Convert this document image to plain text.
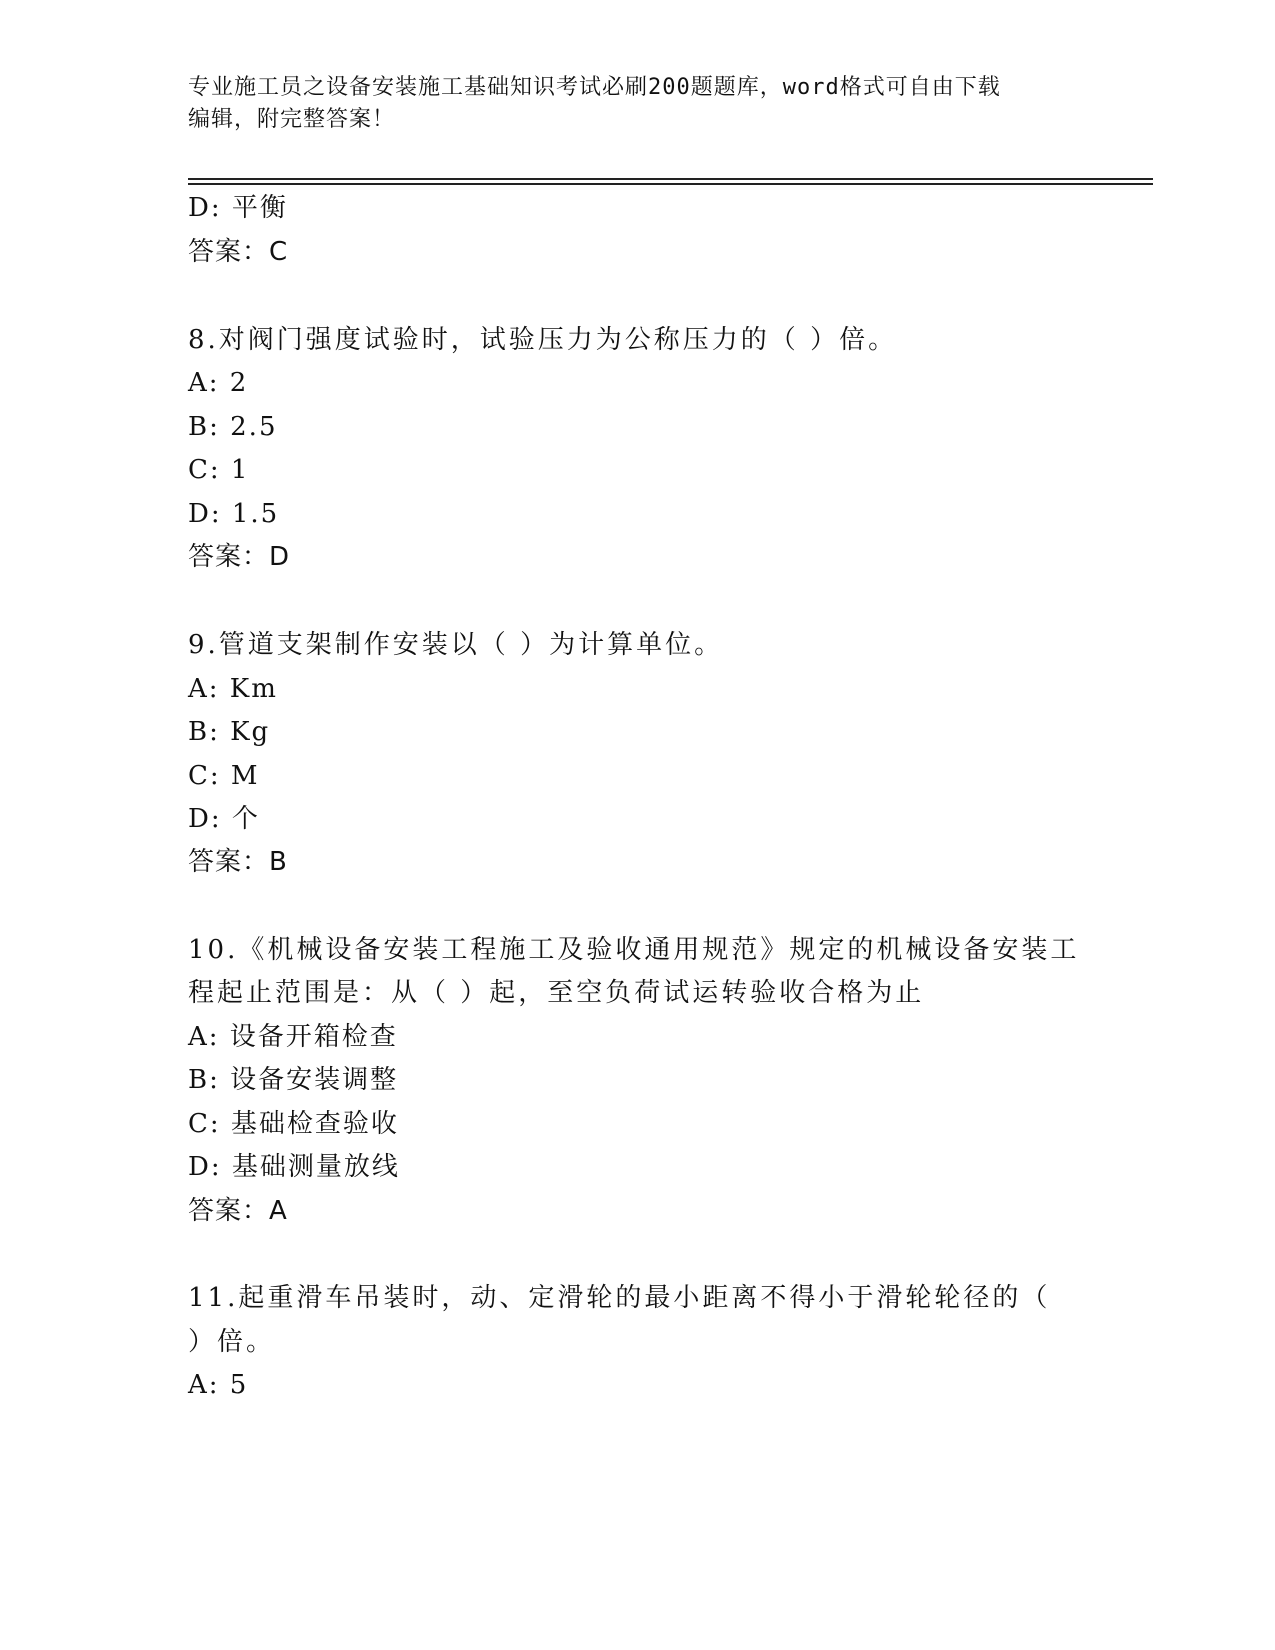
专业施工员之设备安装施工基础知识考试必刷200题题库，word格式可自由下载
编辑，附完整答案！
D: 平衡
答案：C
8.对阀门强度试验时，试验压力为公称压力的（ ）倍。
A: 2
B: 2.5
C: 1
D: 1.5
答案：D
9.管道支架制作安装以（ ）为计算单位。
A: Km
B: Kg
C: M
D: 个
答案：B
10.《机械设备安装工程施工及验收通用规范》规定的机械设备安装工
程起止范围是：从（ ）起，至空负荷试运转验收合格为止
A: 设备开箱检查
B: 设备安装调整
C: 基础检查验收
D: 基础测量放线
答案：A
11.起重滑车吊装时，动、定滑轮的最小距离不得小于滑轮轮径的（
）倍。
A: 5
